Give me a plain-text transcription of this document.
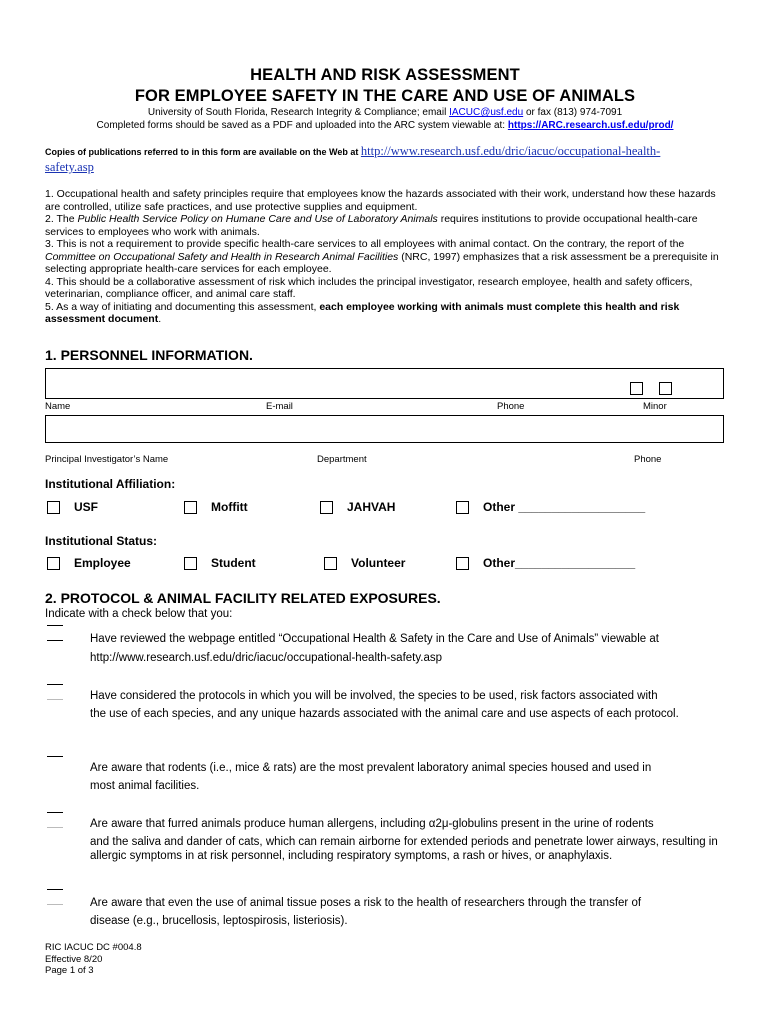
HEALTH AND RISK ASSESSMENT
FOR EMPLOYEE SAFETY IN THE CARE AND USE OF ANIMALS
University of South Florida, Research Integrity & Compliance; email IACUC@usf.edu or fax (813) 974-7091
Completed forms should be saved as a PDF and uploaded into the ARC system viewable at: https://ARC.research.usf.edu/prod/
Copies of publications referred to in this form are available on the Web at http://www.research.usf.edu/dric/iacuc/occupational-health-
safety.asp

1. Occupational health and safety principles require that employees know the hazards associated with their work, understand how these hazards are controlled, utilize safe practices, and use protective supplies and equipment.

2. The Public Health Service Policy on Humane Care and Use of Laboratory Animals requires institutions to provide occupational health-care services to employees who work with animals.

3. This is not a requirement to provide specific health-care services to all employees with animal contact. On the contrary, the report of the Committee on Occupational Safety and Health in Research Animal Facilities (NRC, 1997) emphasizes that a risk assessment be a prerequisite in selecting appropriate health-care services for each employee.

4. This should be a collaborative assessment of risk which includes the principal investigator, research employee, health and safety officers, veterinarian, compliance officer, and animal care staff.

5. As a way of initiating and documenting this assessment, each employee working with animals must complete this health and risk assessment document.

1. PERSONNEL INFORMATION.
Name	E-mail	Phone	Minor
Principal Investigator’s Name	Department	Phone
Institutional Affiliation:
USF	Moffitt	JAHVAH	Other ___________________
Institutional Status:
Employee	Student	Volunteer	Other__________________
2. PROTOCOL & ANIMAL FACILITY RELATED EXPOSURES.
Indicate with a check below that you:
Have reviewed the webpage entitled “Occupational Health & Safety in the Care and Use of Animals” viewable at
http://www.research.usf.edu/dric/iacuc/occupational-health-safety.asp
Have considered the protocols in which you will be involved, the species to be used, risk factors associated with
the use of each species, and any unique hazards associated with the animal care and use aspects of each protocol.
Are aware that rodents (i.e., mice & rats) are the most prevalent laboratory animal species housed and used in
most animal facilities.
Are aware that furred animals produce human allergens, including α2μ-globulins present in the urine of rodents
and the saliva and dander of cats, which can remain airborne for extended periods and penetrate lower airways, resulting in allergic symptoms in at risk personnel, including respiratory symptoms, a rash or hives, or anaphylaxis.
Are aware that even the use of animal tissue poses a risk to the health of researchers through the transfer of
disease (e.g., brucellosis, leptospirosis, listeriosis).
RIC IACUC DC #004.8
Effective 8/20
Page 1 of 3
